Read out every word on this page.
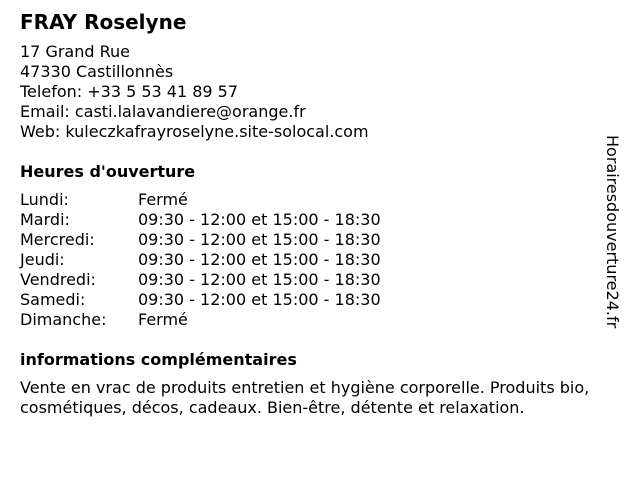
FRAY Roselyne
17 Grand Rue
47330 Castillonnès
Telefon: +33 5 53 41 89 57
Email: casti.lalavandiere@orange.fr
Web: kuleczkafrayroselyne.site-solocal.com
Heures d'ouverture
Lundi:	Fermé
Mardi:	09:30 - 12:00 et 15:00 - 18:30
Mercredi:	09:30 - 12:00 et 15:00 - 18:30
Jeudi:	09:30 - 12:00 et 15:00 - 18:30
Vendredi:	09:30 - 12:00 et 15:00 - 18:30
Samedi:	09:30 - 12:00 et 15:00 - 18:30
Dimanche:	Fermé
informations complémentaires
Vente en vrac de produits entretien et hygiène corporelle. Produits bio, cosmétiques, décos, cadeaux. Bien-être, détente et relaxation.
Horairesdouverture24.fr
